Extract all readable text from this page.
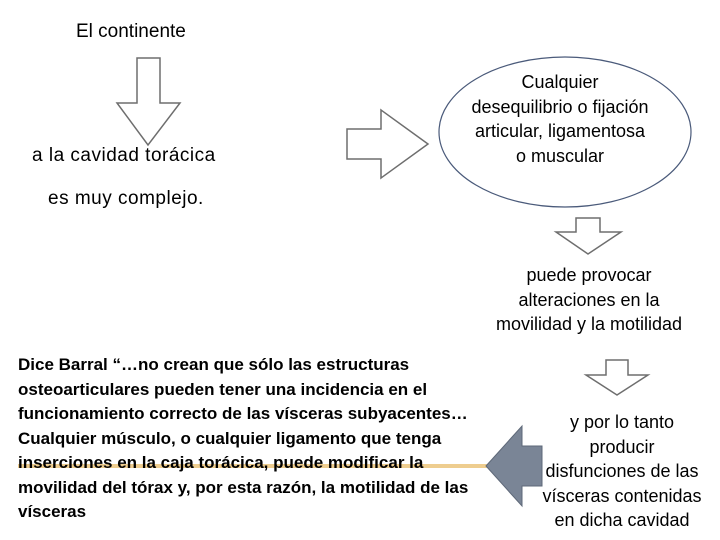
El continente
a la cavidad torácica
es muy complejo.
Cualquier desequilibrio o fijación articular, ligamentosa o muscular
puede provocar alteraciones en la movilidad y la motilidad
y por lo tanto producir disfunciones de las vísceras contenidas en dicha cavidad
Dice Barral “…no crean que sólo las estructuras osteoarticulares pueden tener una incidencia en el funcionamiento correcto de las vísceras subyacentes…Cualquier músculo, o cualquier ligamento que tenga inserciones en la caja torácica, puede modificar la movilidad del tórax y, por esta razón, la motilidad de las vísceras
